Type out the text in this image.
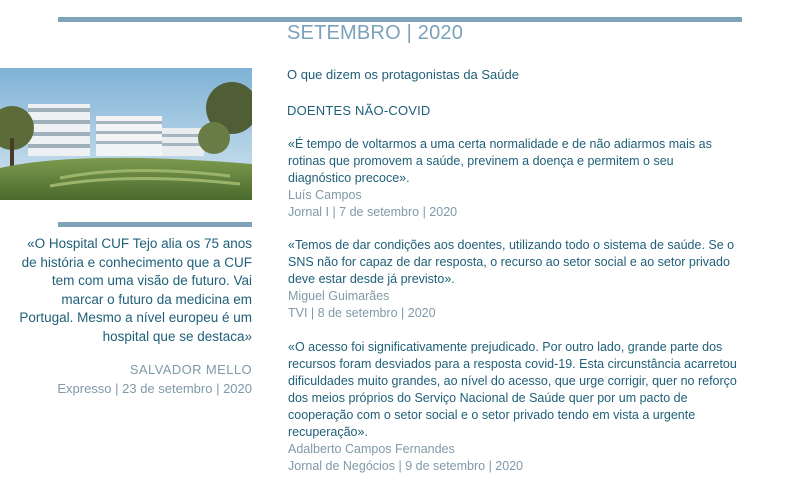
SETEMBRO | 2020
O que dizem os protagonistas da Saúde
DOENTES NÃO-COVID
«O Hospital CUF Tejo alia os 75 anos de história e conhecimento que a CUF tem com uma visão de futuro. Vai marcar o futuro da medicina em Portugal. Mesmo a nível europeu é um hospital que se destaca»
SALVADOR MELLO
Expresso | 23 de setembro | 2020
«É tempo de voltarmos a uma certa normalidade e de não adiarmos mais as rotinas que promovem a saúde, previnem a doença e permitem o seu diagnóstico precoce».
Luís Campos
Jornal I | 7 de setembro | 2020
«Temos de dar condições aos doentes, utilizando todo o sistema de saúde. Se o SNS não for capaz de dar resposta, o recurso ao setor social e ao setor privado deve estar desde já previsto».
Miguel Guimarães
TVI | 8 de setembro | 2020
«O acesso foi significativamente prejudicado. Por outro lado, grande parte dos recursos foram desviados para a resposta covid-19. Esta circunstância acarretou dificuldades muito grandes, ao nível do acesso, que urge corrigir, quer no reforço dos meios próprios do Serviço Nacional de Saúde quer por um pacto de cooperação com o setor social e o setor privado tendo em vista a urgente recuperação».
Adalberto Campos Fernandes
Jornal de Negócios | 9 de setembro | 2020
